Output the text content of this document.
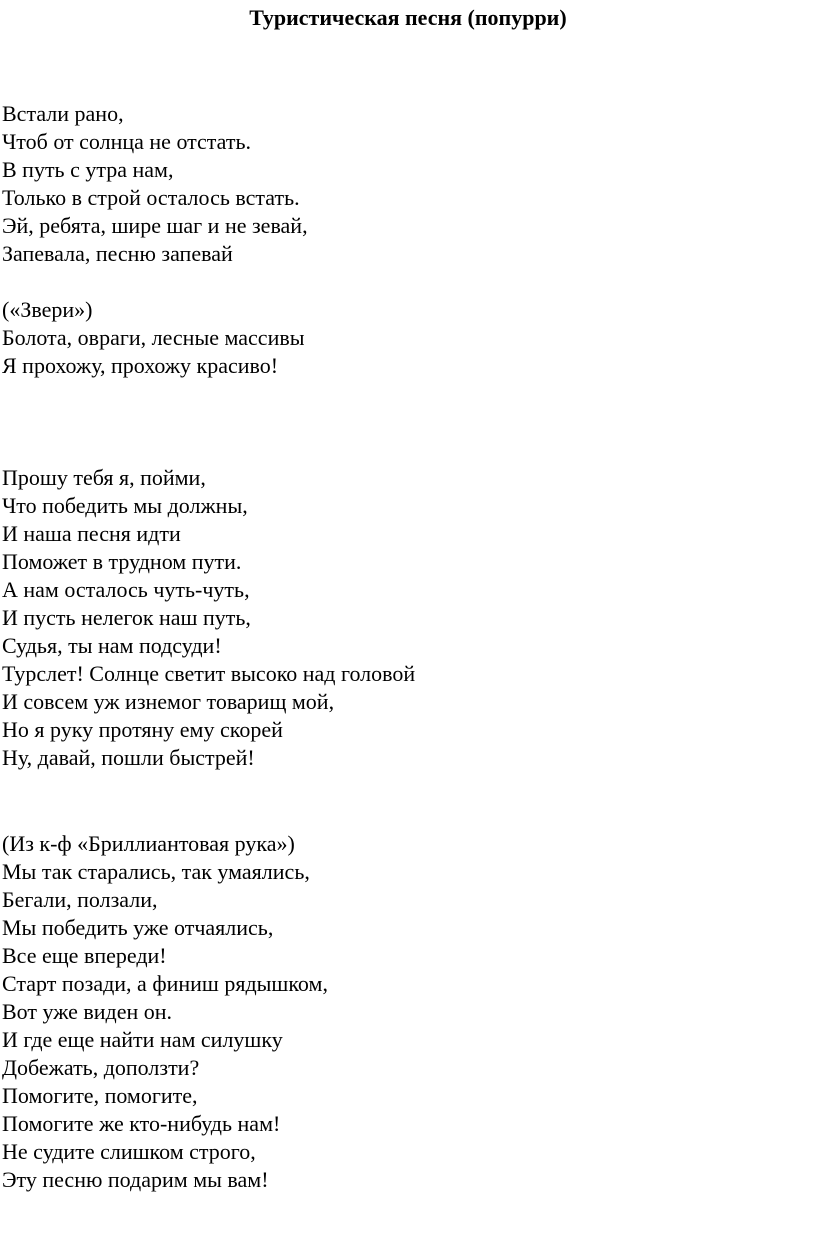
Туристическая песня (попурри)
Встали рано,
Чтоб от солнца не отстать.
В путь с утра нам,
Только в строй осталось встать.
Эй, ребята, шире шаг и не зевай,
Запевала, песню запевай
(«Звери»)
Болота, овраги, лесные массивы
Я прохожу, прохожу красиво!
Прошу тебя я, пойми,
Что победить мы должны,
И наша песня идти
Поможет в трудном пути.
А нам осталось чуть-чуть,
И пусть нелегок наш путь,
Судья, ты нам подсуди!
Турслет! Солнце светит высоко над головой
И совсем уж изнемог товарищ мой,
Но я руку протяну ему скорей
Ну, давай, пошли быстрей!
(Из к-ф «Бриллиантовая рука»)
Мы так старались, так умаялись,
Бегали, ползали,
Мы победить уже отчаялись,
Все еще впереди!
Старт позади, а финиш рядышком,
Вот уже виден он.
И где еще найти нам силушку
Добежать, доползти?
Помогите, помогите,
Помогите же кто-нибудь нам!
Не судите слишком строго,
Эту песню подарим мы вам!
